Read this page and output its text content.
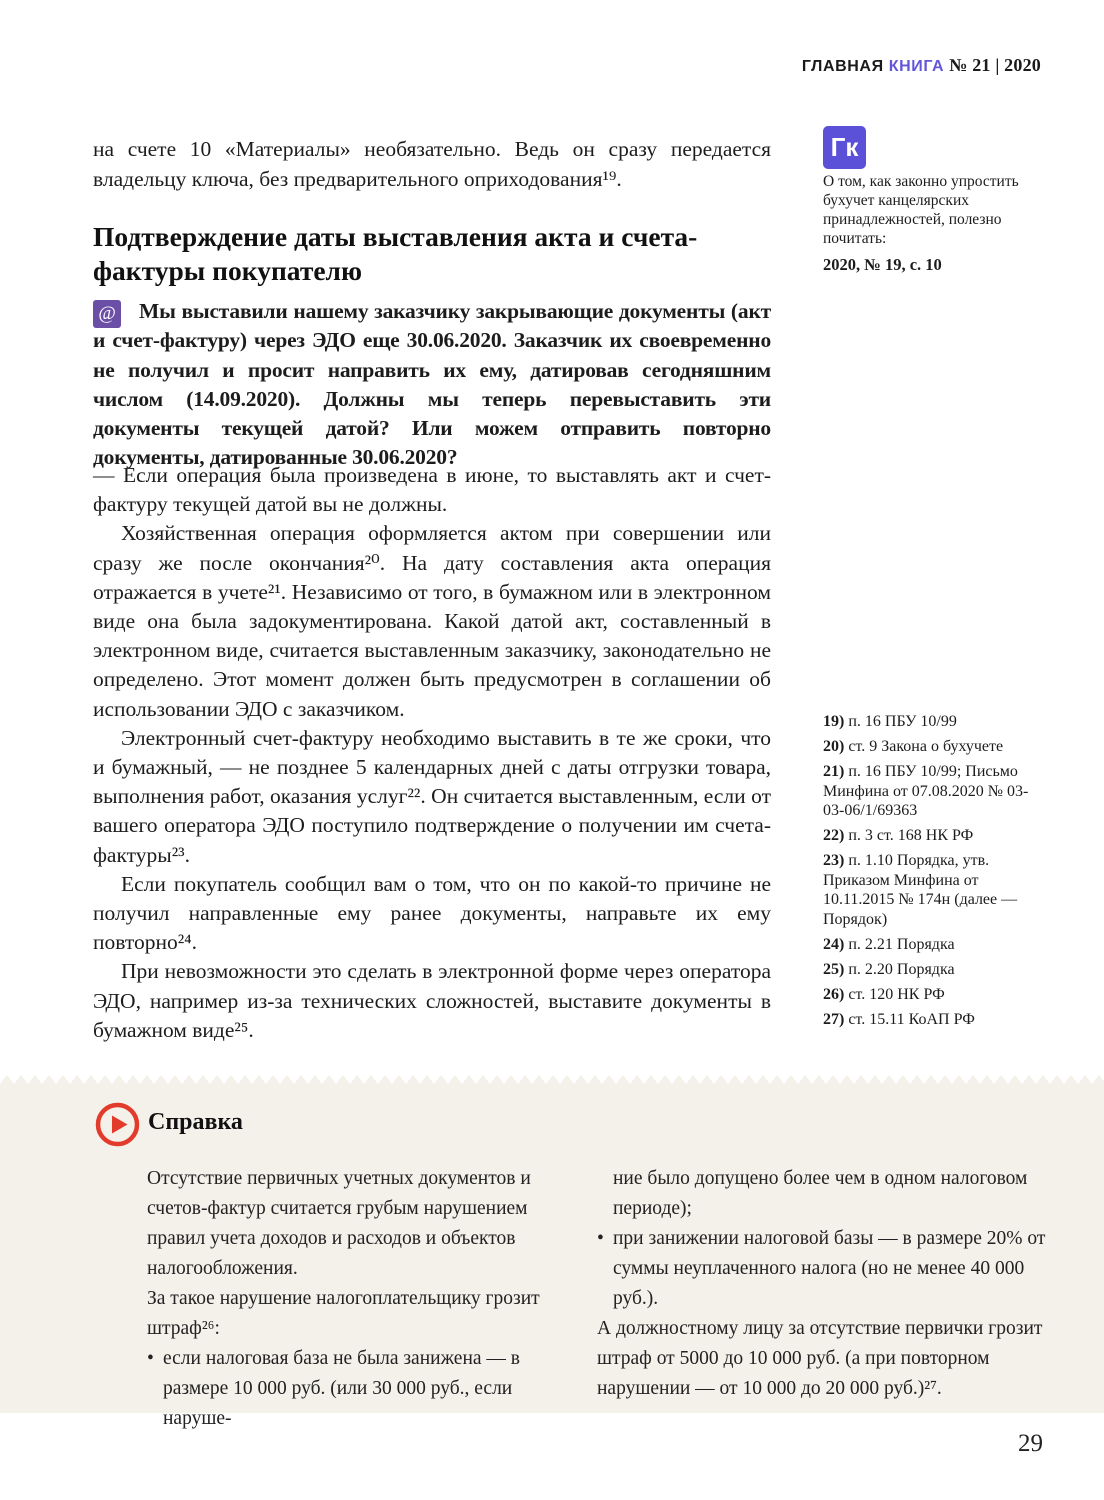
ГЛАВНАЯ КНИГА № 21 | 2020
Гк
О том, как законно упростить бухучет канцелярских принадлежностей, полезно почитать:
2020, № 19, с. 10

на счете 10 «Материалы» необязательно. Ведь он сразу передается владельцу ключа, без предварительного оприходования¹⁹.

Подтверждение даты выставления акта и счета-фактуры покупателю
@	Мы выставили нашему заказчику закрывающие документы (акт и счет-фактуру) через ЭДО еще 30.06.2020. Заказчик их своевременно не получил и просит направить их ему, датировав сегодняшним числом (14.09.2020). Должны мы теперь перевыставить эти документы текущей датой? Или можем отправить повторно документы, датированные 30.06.2020?

— Если операция была произведена в июне, то выставлять акт и счет-фактуру текущей датой вы не должны.

Хозяйственная операция оформляется актом при совершении или сразу же после окончания²⁰. На дату составления акта операция отражается в учете²¹. Независимо от того, в бумажном или в электронном виде она была задокументирована. Какой датой акт, составленный в электронном виде, считается выставленным заказчику, законодательно не определено. Этот момент должен быть предусмотрен в соглашении об использовании ЭДО с заказчиком.

Электронный счет-фактуру необходимо выставить в те же сроки, что и бумажный, — не позднее 5 календарных дней с даты отгрузки товара, выполнения работ, оказания услуг²². Он считается выставленным, если от вашего оператора ЭДО поступило подтверждение о получении им счета-фактуры²³.

Если покупатель сообщил вам о том, что он по какой-то причине не получил направленные ему ранее документы, направьте их ему повторно²⁴.

При невозможности это сделать в электронной форме через оператора ЭДО, например из-за технических сложностей, выставите документы в бумажном виде²⁵.

19) п. 16 ПБУ 10/99
20) ст. 9 Закона о бухучете
21) п. 16 ПБУ 10/99; Письмо Минфина от 07.08.2020 № 03-03-06/1/69363
22) п. 3 ст. 168 НК РФ
23) п. 1.10 Порядка, утв. Приказом Минфина от 10.11.2015 № 174н (далее — Порядок)
24) п. 2.21 Порядка
25) п. 2.20 Порядка
26) ст. 120 НК РФ
27) ст. 15.11 КоАП РФ
Справка
Отсутствие первичных учетных документов и счетов-фактур считается грубым нарушением правил учета доходов и расходов и объектов налогообложения.
За такое нарушение налогоплательщику грозит штраф²⁶:
• если налоговая база не была занижена — в размере 10 000 руб. (или 30 000 руб., если наруше-
ние было допущено более чем в одном налоговом периоде);
• при занижении налоговой базы — в размере 20% от суммы неуплаченного налога (но не менее 40 000 руб.).
А должностному лицу за отсутствие первички грозит штраф от 5000 до 10 000 руб. (а при повторном нарушении — от 10 000 до 20 000 руб.)²⁷.
29
